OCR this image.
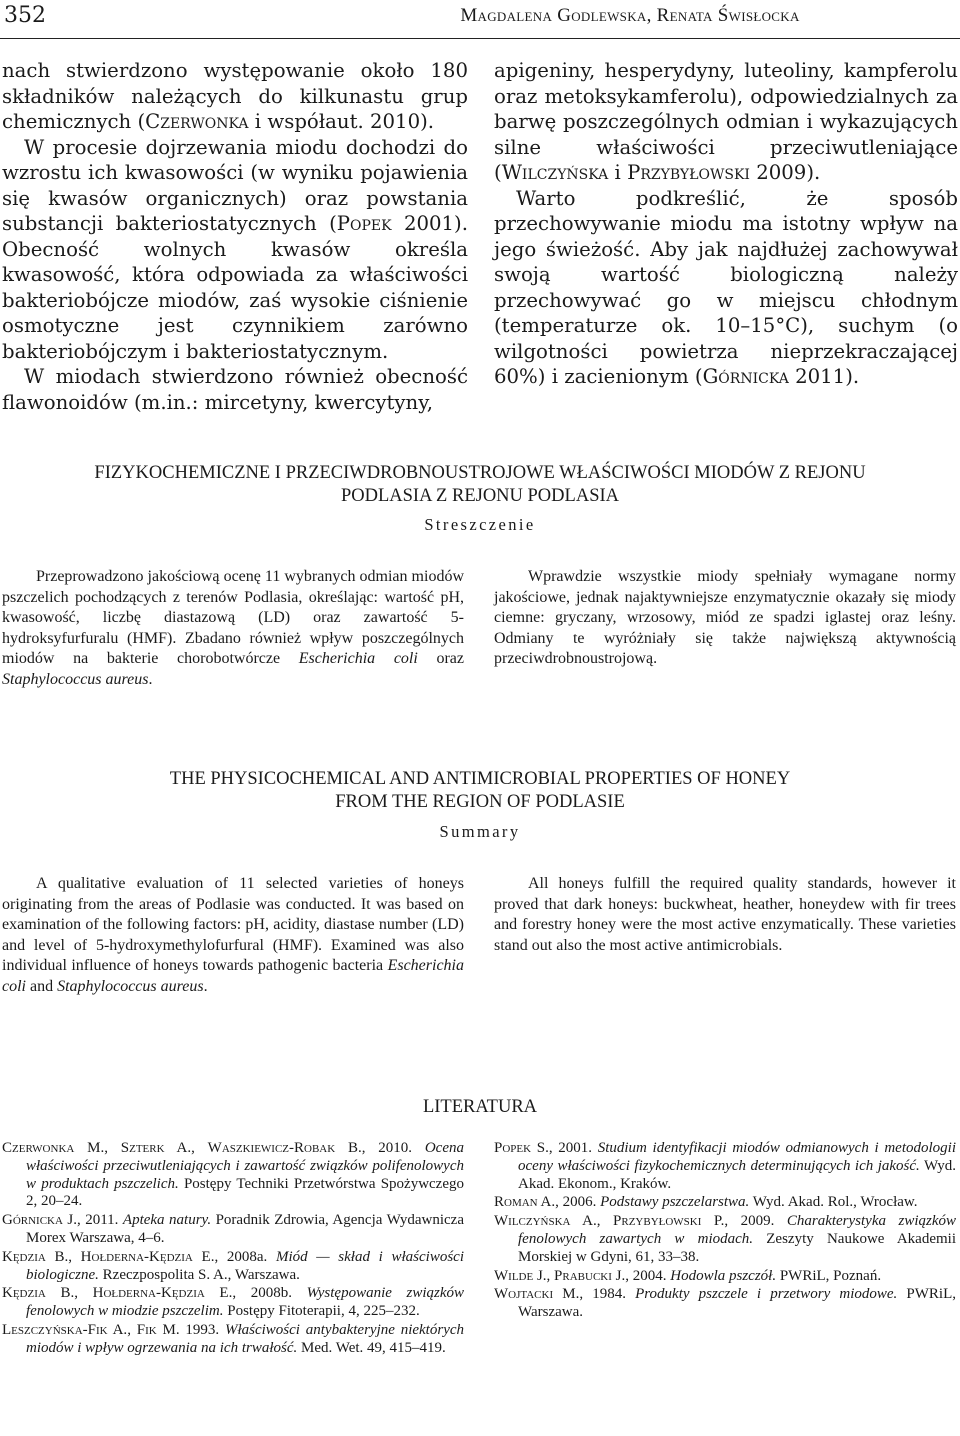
352	Magdalena Godlewska, Renata Świsłocka

nach stwierdzono występowanie około 180 składników należących do kilkunastu grup chemicznych (Czerwonka i współaut. 2010).

W procesie dojrzewania miodu dochodzi do wzrostu ich kwasowości (w wyniku pojawienia się kwasów organicznych) oraz powstania substancji bakteriostatycznych (Popek 2001). Obecność wolnych kwasów określa kwasowość, która odpowiada za właściwości bakteriobójcze miodów, zaś wysokie ciśnienie osmotyczne jest czynnikiem zarówno bakteriobójczym i bakteriostatycznym.

W miodach stwierdzono również obecność flawonoidów (m.in.: mircetyny, kwercytyny,

apigeniny, hesperydyny, luteoliny, kampferolu oraz metoksykamferolu), odpowiedzialnych za barwę poszczególnych odmian i wykazujących silne właściwości przeciwutleniające (Wilczyńska i Przybyłowski 2009).

Warto podkreślić, że sposób przechowywanie miodu ma istotny wpływ na jego świeżość. Aby jak najdłużej zachowywał swoją wartość biologiczną należy przechowywać go w miejscu chłodnym (temperaturze ok. 10–15°C), suchym (o wilgotności powietrza nieprzekraczającej 60%) i zacienionym (Górnicka 2011).

FIZYKOCHEMICZNE I PRZECIWDROBNOUSTROJOWE WŁAŚCIWOŚCI MIODÓW Z REJONU
PODLASIA Z REJONU PODLASIA
Streszczenie

Przeprowadzono jakościową ocenę 11 wybranych odmian miodów pszczelich pochodzących z terenów Podlasia, określając: wartość pH, kwasowość, liczbę diastazową (LD) oraz zawartość 5-hydroksyfurfuralu (HMF). Zbadano również wpływ poszczególnych miodów na bakterie chorobotwórcze Escherichia coli oraz Staphylococcus aureus.

Wprawdzie wszystkie miody spełniały wymagane normy jakościowe, jednak najaktywniejsze enzymatycznie okazały się miody ciemne: gryczany, wrzosowy, miód ze spadzi iglastej oraz leśny. Odmiany te wyróżniały się także największą aktywnością przeciwdrobnoustrojową.

THE PHYSICOCHEMICAL AND ANTIMICROBIAL PROPERTIES OF HONEY
FROM THE REGION OF PODLASIE
Summary

A qualitative evaluation of 11 selected varieties of honeys originating from the areas of Podlasie was conducted. It was based on examination of the following factors: pH, acidity, diastase number (LD) and level of 5-hydroxymethylofurfural (HMF). Examined was also individual influence of honeys towards pathogenic bacteria Escherichia coli and Staphylococcus aureus.

All honeys fulfill the required quality standards, however it proved that dark honeys: buckwheat, heather, honeydew with fir trees and forestry honey were the most active enzymatically. These varieties stand out also the most active antimicrobials.

LITERATURA
Czerwonka M., Szterk A., Waszkiewicz-Robak B., 2010. Ocena właściwości przeciwutleniających i zawartość związków polifenolowych w produktach pszczelich. Postępy Techniki Przetwórstwa Spożywczego 2, 20–24.
Górnicka J., 2011. Apteka natury. Poradnik Zdrowia, Agencja Wydawnicza Morex Warszawa, 4–6.
Kędzia B., Hołderna-Kędzia E., 2008a. Miód — skład i właściwości biologiczne. Rzeczpospolita S. A., Warszawa.
Kędzia B., Hołderna-Kędzia E., 2008b. Występowanie związków fenolowych w miodzie pszczelim. Postępy Fitoterapii, 4, 225–232.
Leszczyńska-Fik A., Fik M. 1993. Właściwości antybakteryjne niektórych miodów i wpływ ogrzewania na ich trwałość. Med. Wet. 49, 415–419.
Popek S., 2001. Studium identyfikacji miodów odmianowych i metodologii oceny właściwości fizykochemicznych determinujących ich jakość. Wyd. Akad. Ekonom., Kraków.
Roman A., 2006. Podstawy pszczelarstwa. Wyd. Akad. Rol., Wrocław.
Wilczyńska A., Przybyłowski P., 2009. Charakterystyka związków fenolowych zawartych w miodach. Zeszyty Naukowe Akademii Morskiej w Gdyni, 61, 33–38.
Wilde J., Prabucki J., 2004. Hodowla pszczół. PWRiL, Poznań.
Wojtacki M., 1984. Produkty pszczele i przetwory miodowe. PWRiL, Warszawa.
